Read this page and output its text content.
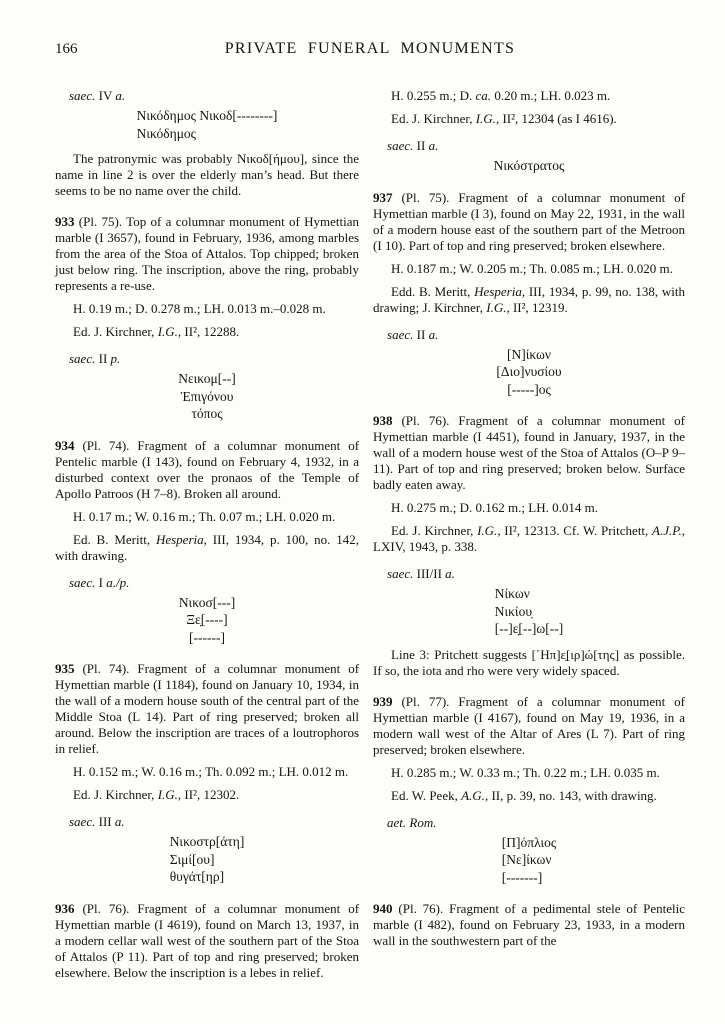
166	PRIVATE FUNERAL MONUMENTS

saec. IV a.

Νικόδημος Νικοδ[--------]
Νικόδημος

The patronymic was probably Νικοδ[ήμου], since the name in line 2 is over the elderly man’s head. But there seems to be no name over the child.

933 (Pl. 75). Top of a columnar monument of Hymettian marble (I 3657), found in February, 1936, among marbles from the area of the Stoa of Attalos. Top chipped; broken just below ring. The inscription, above the ring, probably represents a re-use.

H. 0.19 m.; D. 0.278 m.; LH. 0.013 m.–0.028 m.

Ed. J. Kirchner, I.G., II², 12288.

saec. II p.

Νεικομ[--]
Ἐπιγόνου
τόπος

934 (Pl. 74). Fragment of a columnar monument of Pentelic marble (I 143), found on February 4, 1932, in a disturbed context over the pronaos of the Temple of Apollo Patroos (H 7–8). Broken all around.

H. 0.17 m.; W. 0.16 m.; Th. 0.07 m.; LH. 0.020 m.

Ed. B. Meritt, Hesperia, III, 1934, p. 100, no. 142, with drawing.

saec. I a./p.

Νικοσ[---]
Ξε̣[----]
[------]

935 (Pl. 74). Fragment of a columnar monument of Hymettian marble (I 1184), found on January 10, 1934, in the wall of a modern house south of the central part of the Middle Stoa (L 14). Part of ring preserved; broken all around. Below the inscription are traces of a loutrophoros in relief.

H. 0.152 m.; W. 0.16 m.; Th. 0.092 m.; LH. 0.012 m.

Ed. J. Kirchner, I.G., II², 12302.

saec. III a.

Νικοστρ[άτη]
Σιμί[ου]
θυγάτ[ηρ]

936 (Pl. 76). Fragment of a columnar monument of Hymettian marble (I 4619), found on March 13, 1937, in a modern cellar wall west of the southern part of the Stoa of Attalos (P 11). Part of top and ring preserved; broken elsewhere. Below the inscription is a lebes in relief.

H. 0.255 m.; D. ca. 0.20 m.; LH. 0.023 m.

Ed. J. Kirchner, I.G., II², 12304 (as I 4616).

saec. II a.

Νικόστρατος

937 (Pl. 75). Fragment of a columnar monument of Hymettian marble (I 3), found on May 22, 1931, in the wall of a modern house east of the southern part of the Metroon (I 10). Part of top and ring preserved; broken elsewhere.

H. 0.187 m.; W. 0.205 m.; Th. 0.085 m.; LH. 0.020 m.

Edd. B. Meritt, Hesperia, III, 1934, p. 99, no. 138, with drawing; J. Kirchner, I.G., II², 12319.

saec. II a.

[Ν]ίκων
[Διο]νυσίου
[-----]ος

938 (Pl. 76). Fragment of a columnar monument of Hymettian marble (I 4451), found in January, 1937, in the wall of a modern house west of the Stoa of Attalos (O–P 9–11). Part of top and ring preserved; broken below. Surface badly eaten away.

H. 0.275 m.; D. 0.162 m.; LH. 0.014 m.

Ed. J. Kirchner, I.G., II², 12313. Cf. W. Pritchett, A.J.P., LXIV, 1943, p. 338.

saec. III/II a.

Νίκων
Νικίου̣
[--]ε̣[--]ω[--]

Line 3: Pritchett suggests [῾Ηπ]ε̣[ιρ]ώ[της] as possible. If so, the iota and rho were very widely spaced.

939 (Pl. 77). Fragment of a columnar monument of Hymettian marble (I 4167), found on May 19, 1936, in a modern wall west of the Altar of Ares (L 7). Part of ring preserved; broken elsewhere.

H. 0.285 m.; W. 0.33 m.; Th. 0.22 m.; LH. 0.035 m.

Ed. W. Peek, A.G., II, p. 39, no. 143, with drawing.

aet. Rom.

[Π]όπλιος
[Νε]ίκων
[-------]

940 (Pl. 76). Fragment of a pedimental stele of Pentelic marble (I 482), found on February 23, 1933, in a modern wall in the southwestern part of the
